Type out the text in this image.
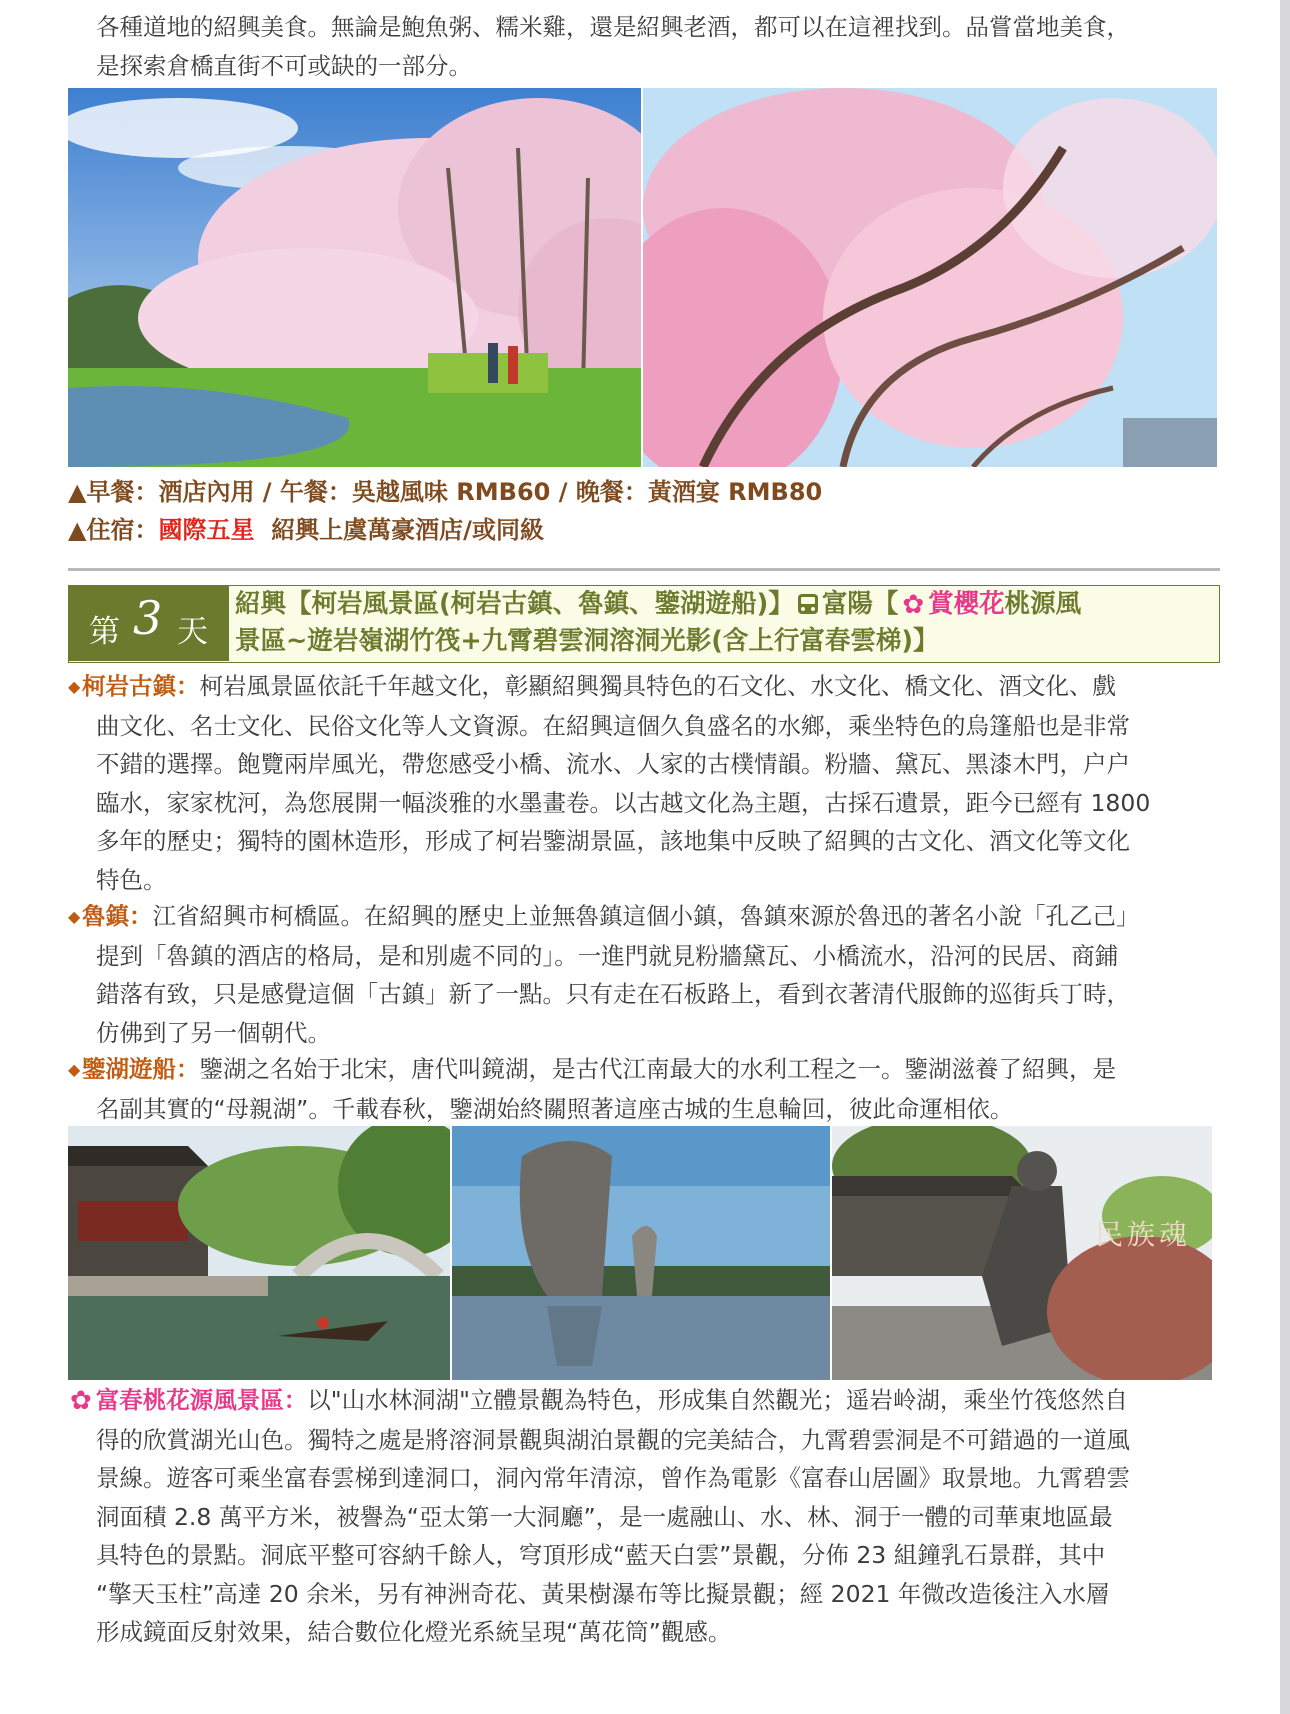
各種道地的紹興美食。無論是鮑魚粥、糯米雞，還是紹興老酒，都可以在這裡找到。品嘗當地美食，
是探索倉橋直街不可或缺的一部分。
▲早餐：酒店內用 / 午餐：吳越風味 RMB60 / 晚餐：黃酒宴 RMB80
▲住宿：國際五星 紹興上虞萬豪酒店/或同級
第 3 天
紹興【柯岩風景區(柯岩古鎮、魯鎮、鑒湖遊船)】 富陽【 ✿ 賞櫻花桃源風
景區~遊岩嶺湖竹筏+九霄碧雲洞溶洞光影(含上行富春雲梯)】
◆柯岩古鎮：柯岩風景區依託千年越文化，彰顯紹興獨具特色的石文化、水文化、橋文化、酒文化、戲
曲文化、名士文化、民俗文化等人文資源。在紹興這個久負盛名的水鄉，乘坐特色的烏篷船也是非常
不錯的選擇。飽覽兩岸風光，帶您感受小橋、流水、人家的古樸情韻。粉牆、黛瓦、黑漆木門，户户
臨水，家家枕河，為您展開一幅淡雅的水墨畫卷。以古越文化為主題，古採石遺景，距今已經有 1800
多年的歷史；獨特的園林造形，形成了柯岩鑒湖景區，該地集中反映了紹興的古文化、酒文化等文化
特色。
◆魯鎮：江省紹興市柯橋區。在紹興的歷史上並無魯鎮這個小鎮，魯鎮來源於魯迅的著名小說「孔乙己」
提到「魯鎮的酒店的格局，是和別處不同的」。一進門就見粉牆黛瓦、小橋流水，沿河的民居、商鋪
錯落有致，只是感覺這個「古鎮」新了一點。只有走在石板路上，看到衣著清代服飾的巡街兵丁時，
仿佛到了另一個朝代。
◆鑒湖遊船：鑒湖之名始于北宋，唐代叫鏡湖，是古代江南最大的水利工程之一。鑒湖滋養了紹興，是
名副其實的“母親湖”。千載春秋，鑒湖始終關照著這座古城的生息輪回，彼此命運相依。
民族魂
✿ 富春桃花源風景區：以"山水林洞湖"立體景觀為特色，形成集自然觀光；遥岩岭湖，乘坐竹筏悠然自
得的欣賞湖光山色。獨特之處是將溶洞景觀與湖泊景觀的完美結合，九霄碧雲洞是不可錯過的一道風
景線。遊客可乘坐富春雲梯到達洞口，洞內常年清涼，曾作為電影《富春山居圖》取景地。九霄碧雲
洞面積 2.8 萬平方米，被譽為“亞太第一大洞廳”，是一處融山、水、林、洞于一體的司華東地區最
具特色的景點。洞底平整可容納千餘人，穹頂形成“藍天白雲”景觀，分佈 23 組鐘乳石景群，其中
“擎天玉柱”高達 20 余米，另有神洲奇花、黃果樹瀑布等比擬景觀；經 2021 年微改造後注入水層
形成鏡面反射效果，結合數位化燈光系統呈現“萬花筒”觀感。
